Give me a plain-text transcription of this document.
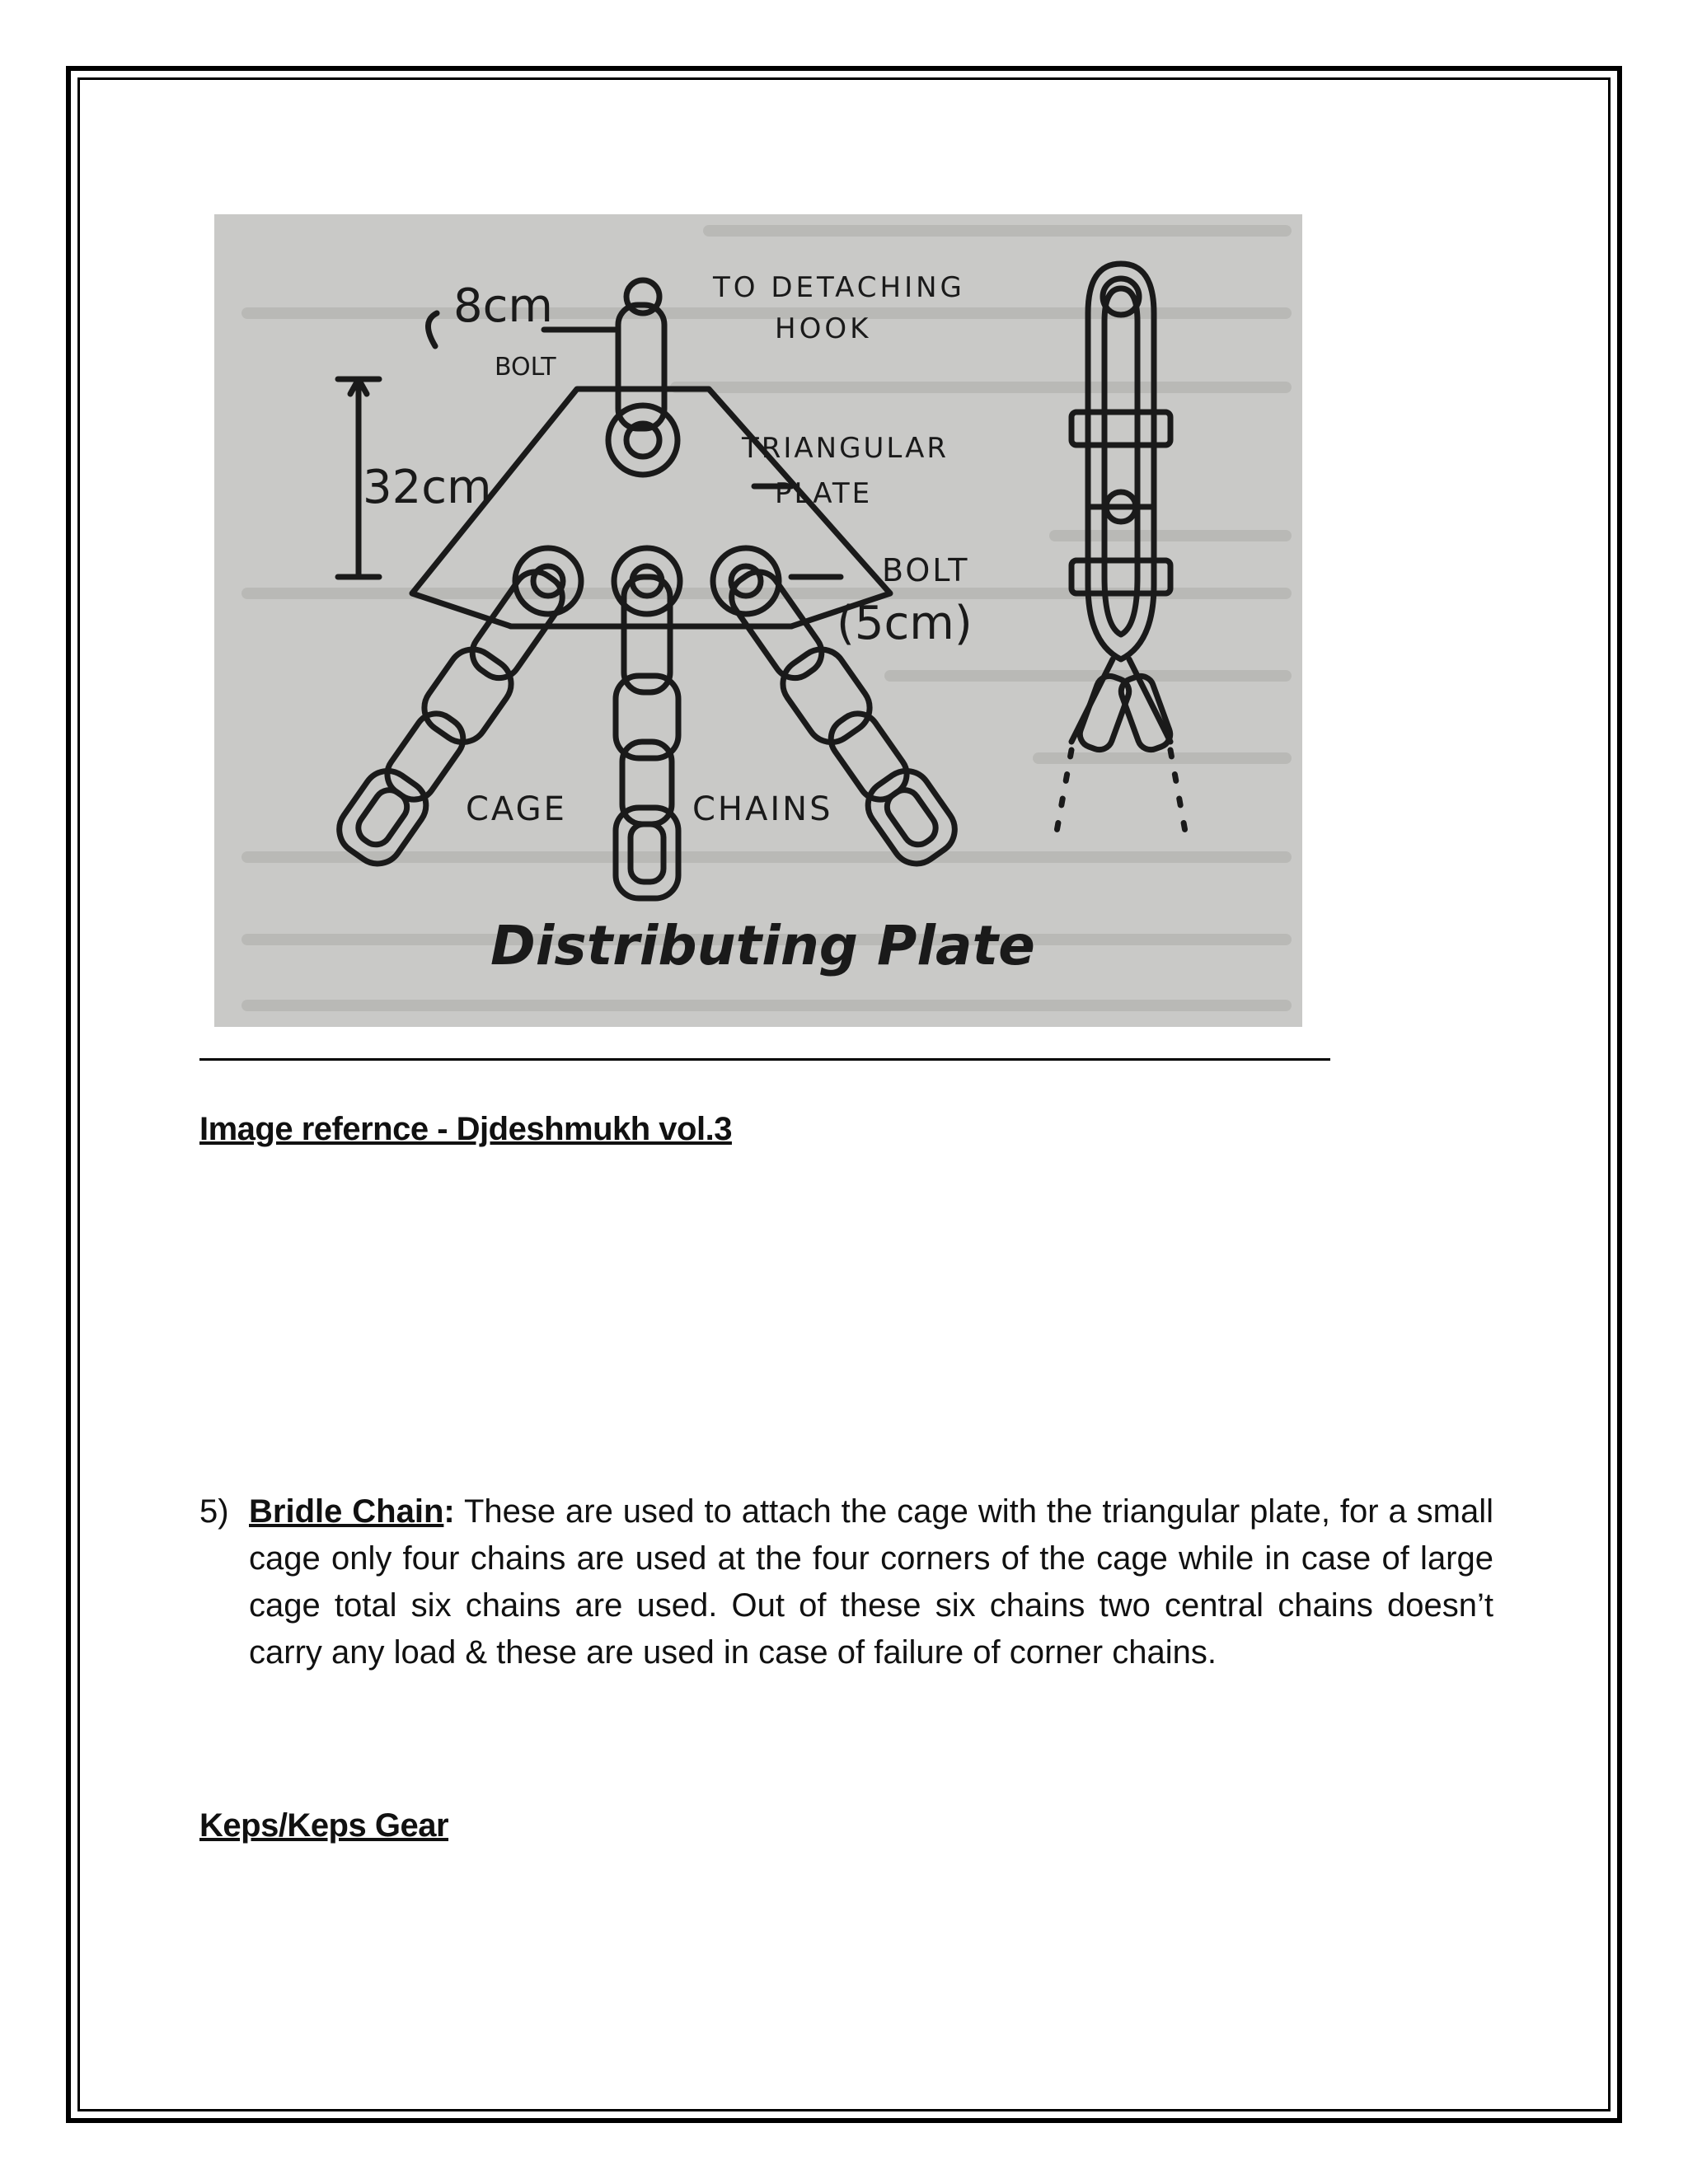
8cm
BOLT
TO DETACHING
HOOK
32cm
TRIANGULAR
PLATE
BOLT
(5cm)
CAGE	CHAINS
Distributing Plate
Image refernce - Djdeshmukh vol.3
5) Bridle Chain: These are used to attach the cage with the triangular plate, for a small cage only four chains are used at the four corners of the cage while in case of large cage total six chains are used. Out of these six chains two central chains doesn’t carry any load & these are used in case of failure of corner chains.
Keps/Keps Gear
